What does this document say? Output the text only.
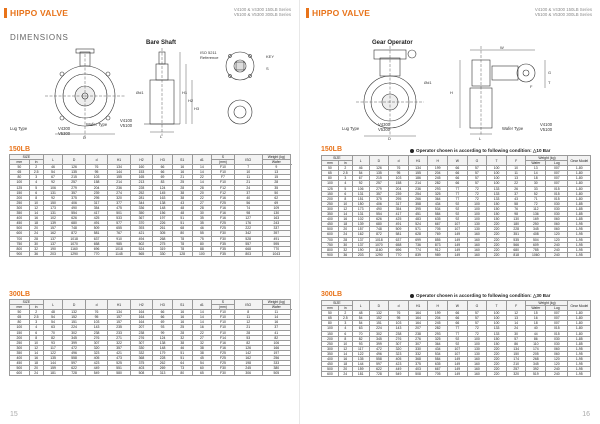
HIPPO VALVE	V4100 & V4300 150LB Series
V5100 & V5300 300LB Series
DIMENSIONS
Bare Shaft
ISO 5211
Reference	KEY
S
H1
H2
H3
L
D
Ød1
Lug Type	V4300
V5300
Wafer Type
V4100
V5100
150LB
SIZE		L	D	d	H1	H2	H3	S1	d1	S	ISO	Weight (kg)	
mm	in									(mm)		Wafer	
50	2	46	126	76	134	160	66	16	14	F10	7	9	
65	2.5	54	135	95	144	153	66	16	14	F10	10	13	
80	3	67	215	103	155	165	69	21	22	F7	11	15	
100	4	92	257	158	214	213	83	25	14	F10	21	28	
125	5	106	279	204	236	228	124	28	28	F12	24	35	
150	6	131	357	239	274	252	145	38	20	F12	37	50	
200	8	92	375	295	320	281	163	38	22	F16	40	62	
250	10	150	406	317	377	344	138	43	27	F25	56	69	
300	12	173	490	354	475	336	148	48	28	F16	74	109	
350	14	131	554	417	501	350	156	48	30	F16	98	130	
400	16	102	626	425	533	367	197	51	35	F16	127	163	
450	18	139	680	491	577	370	226	51	35	F25	176	243	
500	20	157	748	509	655	393	261	68	46	F25	222	337	
600	24	162	872	581	767	421	305	80	55	F30	342	397	
700	28	137	1018	637	910	494	268	78	75	F30	528	491	
750	30	137	1070	658	985	502	275	78	80	F35	557	595	
800	32	190	1160	696	1018	524	319	78	88	F35	668	770	
900	36	203	1290	770	1145	565	330	128	100	F35	803	1043	
300LB
SIZE		L	D	d	H1	H2	H3	S1	d1	S	ISO	Weight (kg)	
mm	in									(mm)		Wafer	
50	2	48	132	76	134	164	66	16	14	F10	8	11	
65	2.5	54	152	95	157	164	66	16	14	F10	11	14	
80	3	54	151	103	157	164	69	16	14	F10	12	16	
100	4	63	224	143	235	207	93	25	16	F10	21	37	
150	6	70	302	238	233	238	99	28	22	F10	28	41	
200	8	82	345	276	271	276	124	32	27	F14	53	82	
250	10	93	399	307	322	307	138	38	32	F16	82	106	
300	12	117	472	320	357	330	148	46	38	F16	126	166	
350	14	122	496	323	421	332	179	51	38	F25	142	197	
400	16	135	558	405	473	368	228	51	45	F25	162	256	
450	18	144	597	423	525	375	262	64	54	F25	198	333	
500	20	159	622	449	551	403	269	73	60	F30	245	380	
600	24	181	728	549	580	508	313	80	65	F30	306	505	
15
HIPPO VALVE	V4100 & V4300 150LB Series
V5100 & V5300 300LB Series
Gear Operator
H
W
G
T
F
L
D
Ød1
Lug Type
V4300
V5300	Wafer Type
V4100
V5100
150LB	Operator chosen is according to following condition: △10 Bar
SIZE		L	D	d	H1	H	W	G	T	F	Weight (kg)		Gear Model
mm	in										Wafer	Lug	
50	2	46	126	76	134	199	66	57	100	10	13	007	1-80
65	2.5	54	135	95	155	204	66	57	100	11	14	007	1-80
80	3	67	215	103	186	245	66	57	100	13	18	007	1-80
100	4	92	257	158	214	282	66	57	100	22	30	007	1-80
125	5	106	279	204	236	293	77	72	133	26	33	015	1-80
150	6	131	357	239	254	325	77	72	133	37	52	015	1-80
200	8	151	375	295	266	364	77	72	133	43	71	015	1-80
250	10	150	406	317	358	434	92	100	150	58	72	030	1-85
300	12	173	490	354	395	534	92	100	150	76	112	030	1-85
350	14	131	554	417	451	584	92	100	150	98	136	030	1-85
400	16	102	626	425	483	635	92	100	150	130	169	060	1-85
450	18	139	680	491	524	667	107	130	220	180	250	060	1-95
500	20	157	748	509	571	705	107	130	220	228	345	060	1-95
600	24	162	872	581	628	769	149	160	220	351	408	120	1-95
700	28	137	1018	637	699	855	149	160	220	535	504	120	1-95
750	30	137	1070	658	736	873	149	160	220	566	609	240	1-95
800	32	190	1160	696	774	912	149	160	220	680	785	240	1-95
900	36	203	1290	770	839	989	149	160	220	818	1060	240	1-95
300LB	Operator chosen is according to following condition: △30 Bar
SIZE		L	D	d	H1	H	W	G	T	F	Weight (kg)		Gear Model
mm	in										Wafer	Lug	
50	2	48	132	76	164	199	66	57	100	12	15	007	1-80
65	2.5	54	152	95	164	204	66	57	100	13	16	007	1-80
80	3	54	151	103	164	245	66	57	100	14	18	007	1-80
100	4	63	224	143	207	282	77	72	133	24	40	015	1-80
150	6	70	302	238	238	293	77	72	133	30	44	015	1-80
200	8	82	345	276	276	325	92	100	150	57	86	030	1-85
250	10	93	399	307	307	364	92	100	150	86	110	030	1-85
300	12	117	472	320	330	434	107	130	220	134	174	060	1-95
350	14	122	496	323	332	534	107	130	220	150	205	060	1-95
400	16	135	558	405	368	584	149	160	220	174	268	120	1-95
450	18	144	597	423	375	635	149	160	220	210	345	120	1-95
500	20	159	622	449	403	667	149	160	220	257	392	240	1-95
600	24	181	728	549	508	705	149	160	220	320	519	240	1-95
16
